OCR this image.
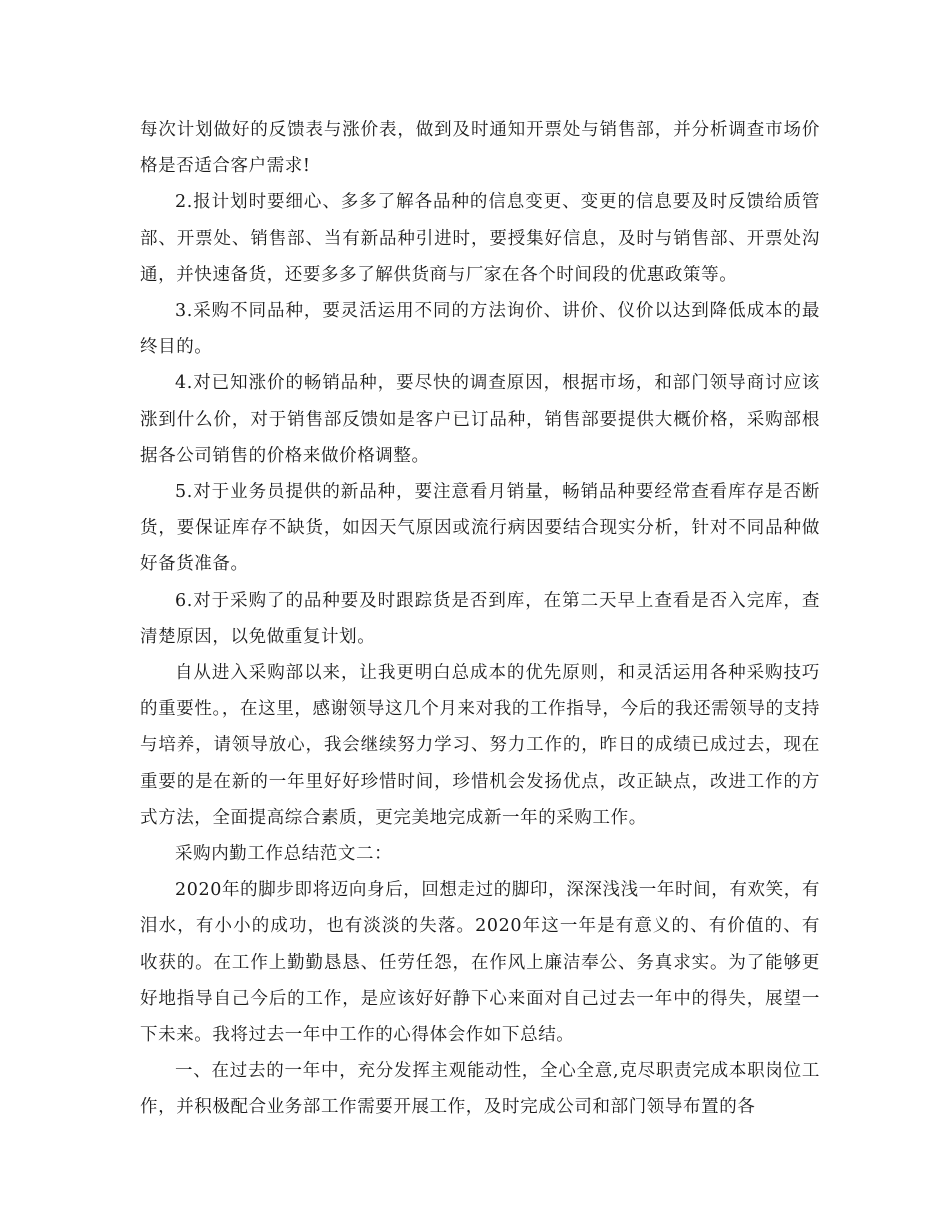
每次计划做好的反馈表与涨价表，做到及时通知开票处与销售部，并分析调查市场价格是否适合客户需求!

2.报计划时要细心、多多了解各品种的信息变更、变更的信息要及时反馈给质管部、开票处、销售部、当有新品种引进时，要授集好信息，及时与销售部、开票处沟通，并快速备货，还要多多了解供货商与厂家在各个时间段的优惠政策等。

3.采购不同品种，要灵活运用不同的方法询价、讲价、仪价以达到降低成本的最终目的。

4.对已知涨价的畅销品种，要尽快的调查原因，根据市场，和部门领导商讨应该涨到什么价，对于销售部反馈如是客户已订品种，销售部要提供大概价格，采购部根据各公司销售的价格来做价格调整。

5.对于业务员提供的新品种，要注意看月销量，畅销品种要经常查看库存是否断货，要保证库存不缺货，如因天气原因或流行病因要结合现实分析，针对不同品种做好备货准备。

6.对于采购了的品种要及时跟踪货是否到库，在第二天早上查看是否入完库，查清楚原因，以免做重复计划。

自从进入采购部以来，让我更明白总成本的优先原则，和灵活运用各种采购技巧的重要性。，在这里，感谢领导这几个月来对我的工作指导，今后的我还需领导的支持与培养，请领导放心，我会继续努力学习、努力工作的，昨日的成绩已成过去，现在重要的是在新的一年里好好珍惜时间，珍惜机会发扬优点，改正缺点，改进工作的方式方法，全面提高综合素质，更完美地完成新一年的采购工作。

采购内勤工作总结范文二：

2020年的脚步即将迈向身后，回想走过的脚印，深深浅浅一年时间，有欢笑，有泪水，有小小的成功，也有淡淡的失落。2020年这一年是有意义的、有价值的、有收获的。在工作上勤勤恳恳、任劳任怨，在作风上廉洁奉公、务真求实。为了能够更好地指导自己今后的工作，是应该好好静下心来面对自己过去一年中的得失，展望一下未来。我将过去一年中工作的心得体会作如下总结。

一、在过去的一年中，充分发挥主观能动性，全心全意,克尽职责完成本职岗位工作，并积极配合业务部工作需要开展工作，及时完成公司和部门领导布置的各
